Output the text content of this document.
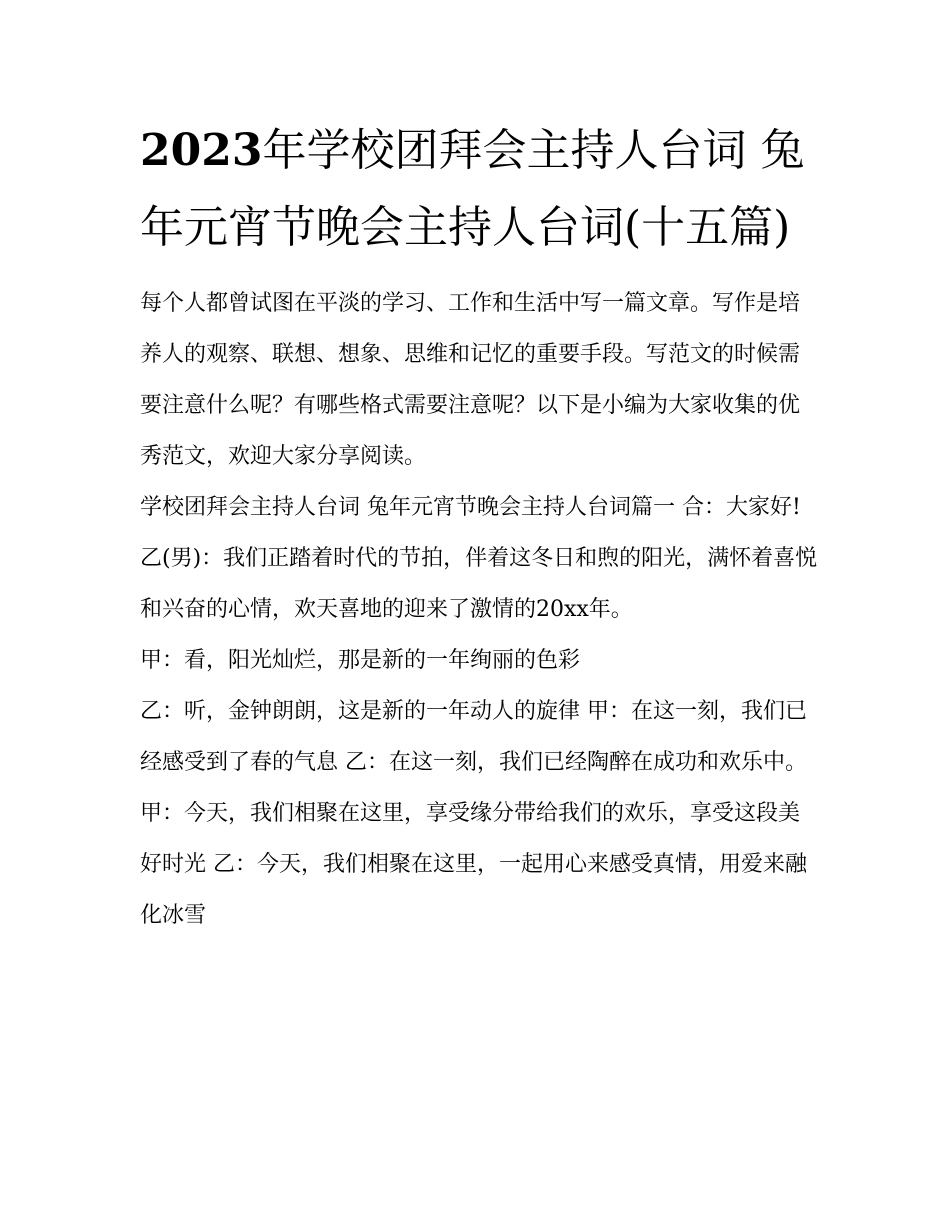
2023年学校团拜会主持人台词 兔年元宵节晚会主持人台词(十五篇)

每个人都曾试图在平淡的学习、工作和生活中写一篇文章。写作是培养人的观察、联想、想象、思维和记忆的重要手段。写范文的时候需要注意什么呢？有哪些格式需要注意呢？以下是小编为大家收集的优秀范文，欢迎大家分享阅读。

学校团拜会主持人台词 兔年元宵节晚会主持人台词篇一 合：大家好!

乙(男)：我们正踏着时代的节拍，伴着这冬日和煦的阳光，满怀着喜悦和兴奋的心情，欢天喜地的迎来了激情的20xx年。

甲：看，阳光灿烂，那是新的一年绚丽的色彩

乙：听，金钟朗朗，这是新的一年动人的旋律 甲：在这一刻，我们已经感受到了春的气息 乙：在这一刻，我们已经陶醉在成功和欢乐中。

甲：今天，我们相聚在这里，享受缘分带给我们的欢乐，享受这段美好时光 乙：今天，我们相聚在这里，一起用心来感受真情，用爱来融化冰雪
